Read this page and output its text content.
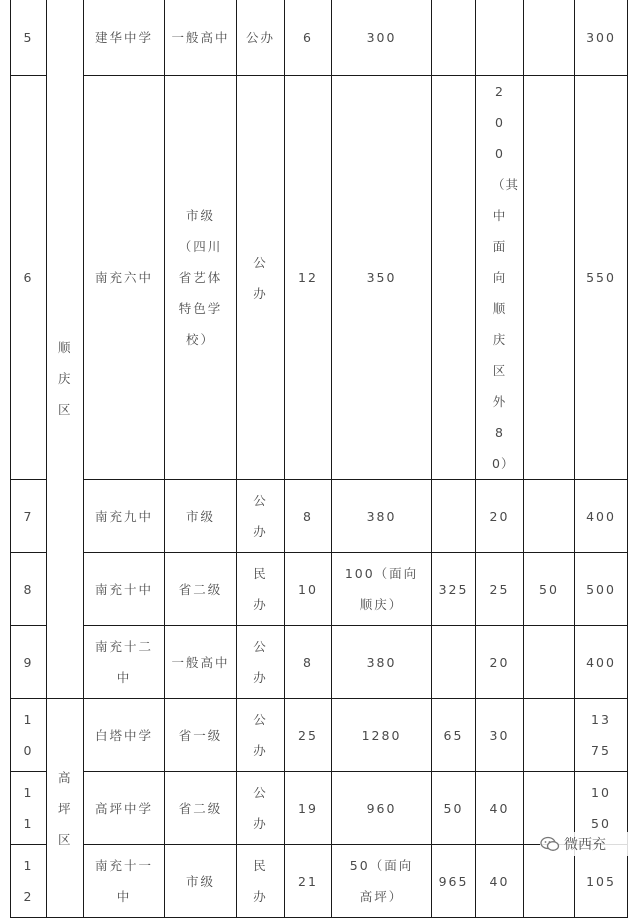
5	顺庆区	建华中学	一般高中	公办	6	300				300
6		南充六中	市级（四川省艺体特色学校）	公办	12	350		200（其中面向顺庆区外80）		550
7		南充九中	市级	公办	8	380		20		400
8		南充十中	省二级	民办	10	100（面向顺庆）	325	25	50	500
9		南充十二中	一般高中	公办	8	380		20		400
10	高坪区	白塔中学	省一级	公办	25	1280	65	30		1375
11		高坪中学	省二级	公办	19	960	50	40		1050
12		南充十一中	市级	民办	21	50（面向高坪）	965	40		105
微西充
